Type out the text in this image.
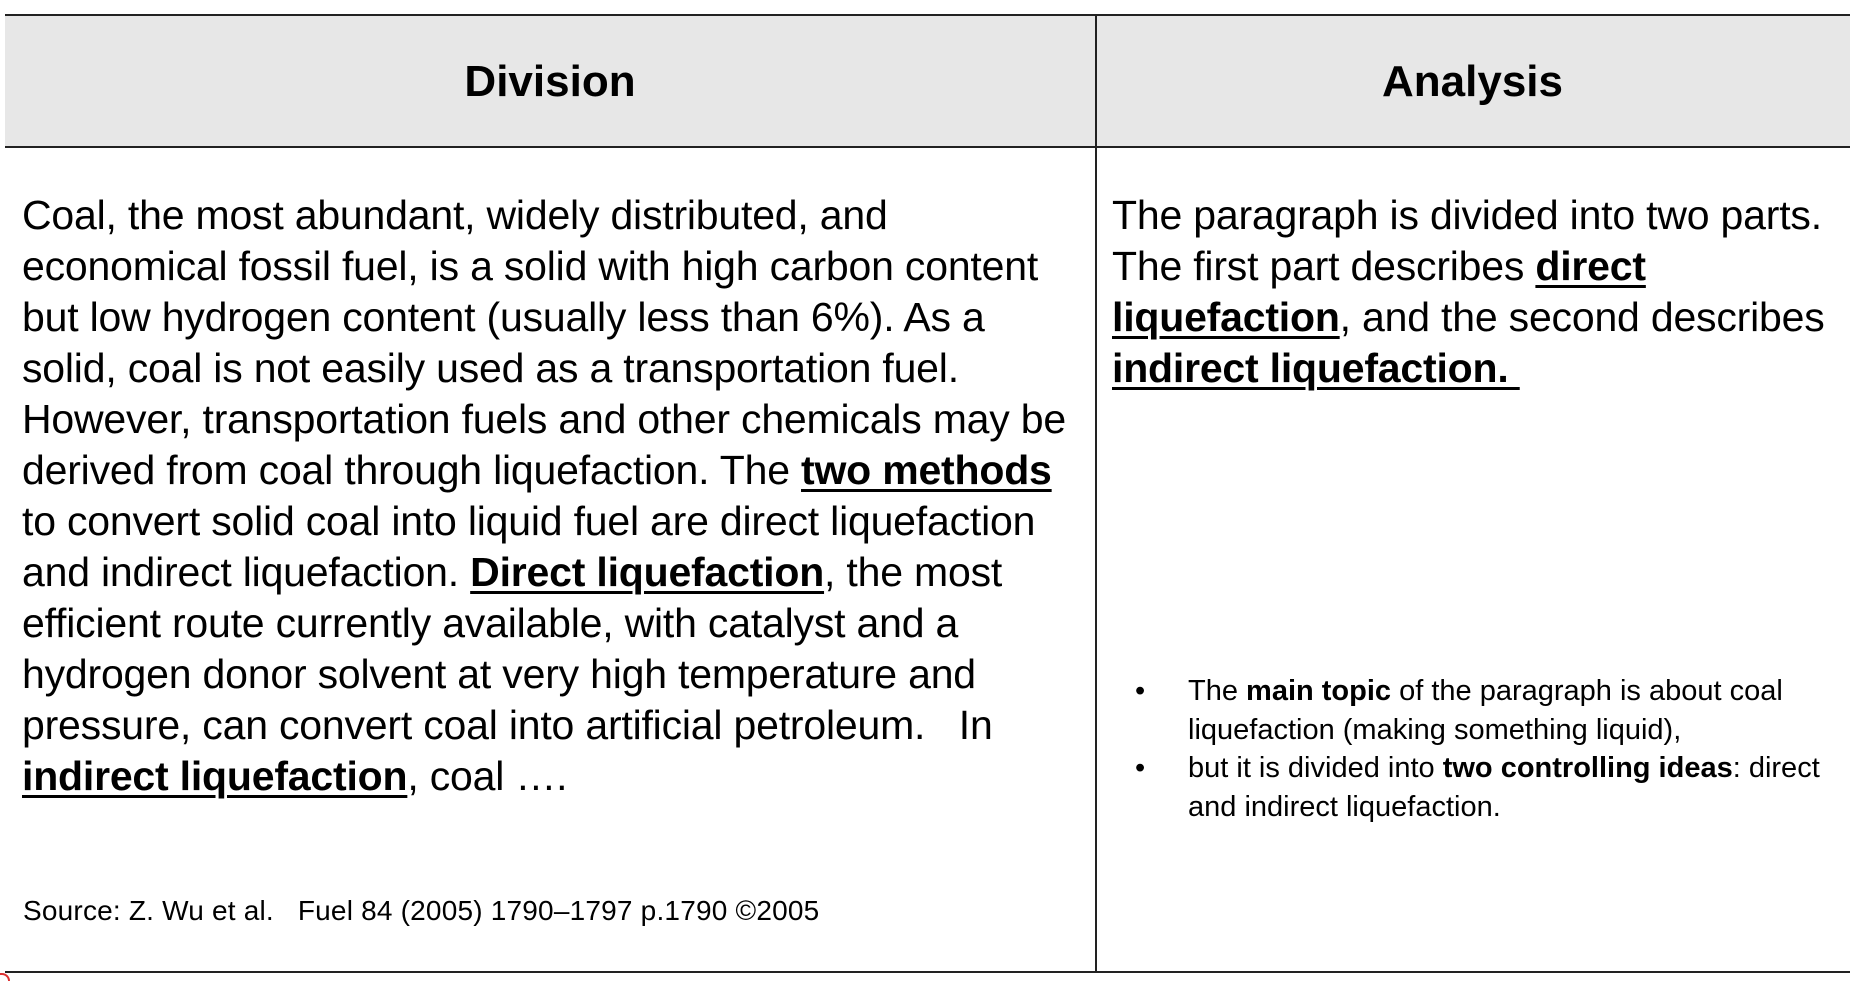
Division	Analysis
Coal, the most abundant, widely distributed, and economical fossil fuel, is a solid with high carbon content but low hydrogen content (usually less than 6%). As a solid, coal is not easily used as a transportation fuel. However, transportation fuels and other chemicals may be derived from coal through liquefaction. The two methods to convert solid coal into liquid fuel are direct liquefaction and indirect liquefaction. Direct liquefaction, the most efficient route currently available, with catalyst and a hydrogen donor solvent at very high temperature and pressure, can convert coal into artificial petroleum.   In indirect liquefaction, coal ….
Source: Z. Wu et al.   Fuel 84 (2005) 1790–1797 p.1790 ©2005
The paragraph is divided into two parts. The first part describes direct liquefaction, and the second describes indirect liquefaction.
• The main topic of the paragraph is about coal liquefaction (making something liquid),
• but it is divided into two controlling ideas: direct and indirect liquefaction.
